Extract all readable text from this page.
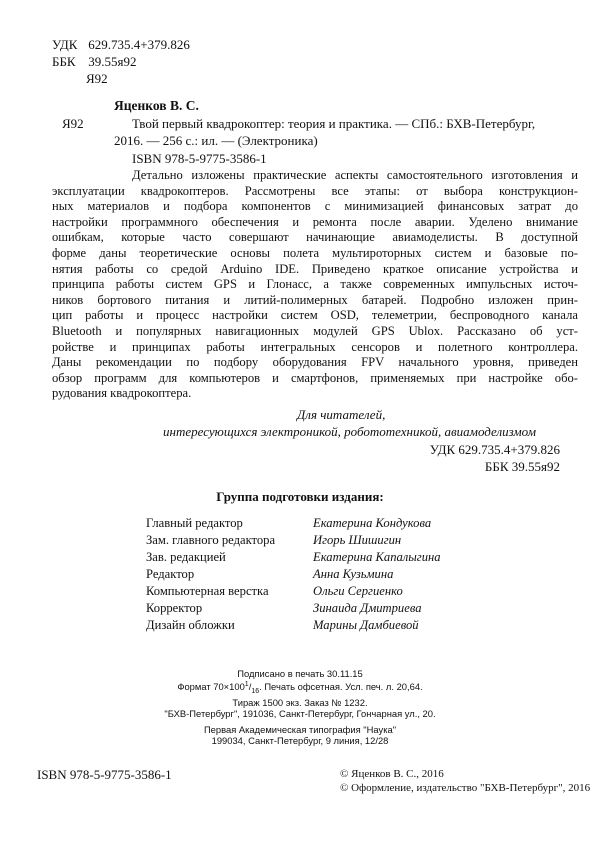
УДК 629.735.4+379.826
ББК 39.55я92
Я92
Яценков В. С.
Я92	Твой первый квадрокоптер: теория и практика. — СПб.: БХВ-Петербург,
2016. — 256 с.: ил. — (Электроника)
ISBN 978-5-9775-3586-1
Детально изложены практические аспекты самостоятельного изготовления и
эксплуатации квадрокоптеров. Рассмотрены все этапы: от выбора конструкцион-
ных материалов и подбора компонентов с минимизацией финансовых затрат до
настройки программного обеспечения и ремонта после аварии. Уделено внимание
ошибкам, которые часто совершают начинающие авиамоделисты. В доступной
форме даны теоретические основы полета мультироторных систем и базовые по-
нятия работы со средой Arduino IDE. Приведено краткое описание устройства и
принципа работы систем GPS и Глонасс, а также современных импульсных источ-
ников бортового питания и литий-полимерных батарей. Подробно изложен прин-
цип работы и процесс настройки систем OSD, телеметрии, беспроводного канала
Bluetooth и популярных навигационных модулей GPS Ublox. Рассказано об уст-
ройстве и принципах работы интегральных сенсоров и полетного контроллера.
Даны рекомендации по подбору оборудования FPV начального уровня, приведен
обзор программ для компьютеров и смартфонов, применяемых при настройке обо-
рудования квадрокоптера.
Для читателей,
интересующихся электроникой, робототехникой, авиамоделизмом
УДК 629.735.4+379.826
ББК 39.55я92
Группа подготовки издания:
Главный редактор	Екатерина Кондукова
Зам. главного редактора	Игорь Шишигин
Зав. редакцией	Екатерина Капалыгина
Редактор	Анна Кузьмина
Компьютерная верстка	Ольги Сергиенко
Корректор	Зинаида Дмитриева
Дизайн обложки	Марины Дамбиевой
Подписано в печать 30.11.15
Формат $70\times 100^1/_{16}$. Печать офсетная. Усл. печ. л. 20,64.
Тираж 1500 экз. Заказ № 1232.
"БХВ-Петербург", 191036, Санкт-Петербург, Гончарная ул., 20.
Первая Академическая типография "Наука"
199034, Санкт-Петербург, 9 линия, 12/28
ISBN 978-5-9775-3586-1	© Яценков В. С., 2016
© Оформление, издательство "БХВ-Петербург", 2016
